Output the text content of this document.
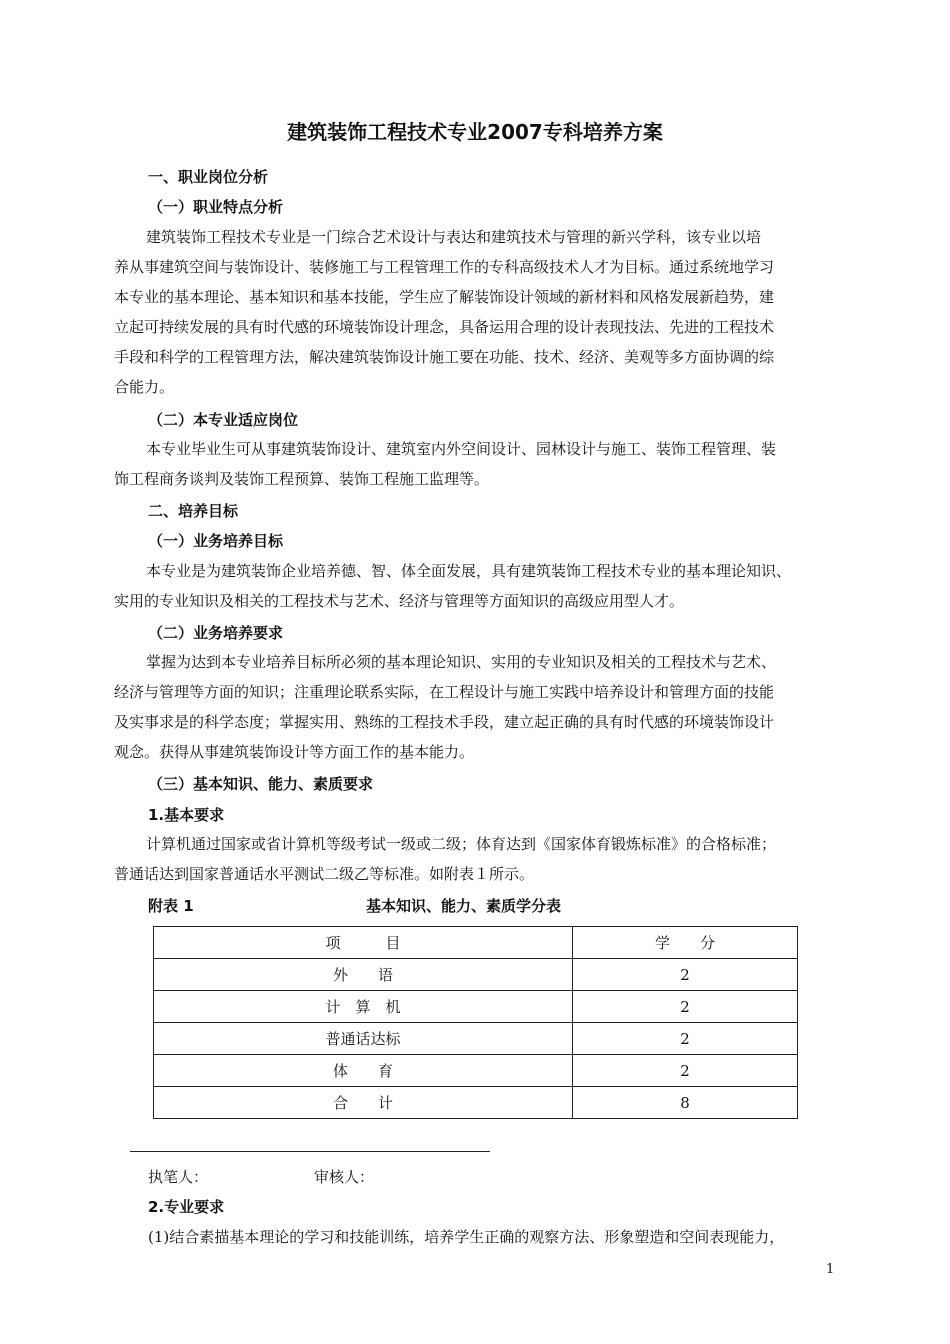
建筑装饰工程技术专业2007专科培养方案
一、职业岗位分析
（一）职业特点分析
建筑装饰工程技术专业是一门综合艺术设计与表达和建筑技术与管理的新兴学科，该专业以培
养从事建筑空间与装饰设计、装修施工与工程管理工作的专科高级技术人才为目标。通过系统地学习
本专业的基本理论、基本知识和基本技能，学生应了解装饰设计领域的新材料和风格发展新趋势，建
立起可持续发展的具有时代感的环境装饰设计理念，具备运用合理的设计表现技法、先进的工程技术
手段和科学的工程管理方法，解决建筑装饰设计施工要在功能、技术、经济、美观等多方面协调的综
合能力。
（二）本专业适应岗位
本专业毕业生可从事建筑装饰设计、建筑室内外空间设计、园林设计与施工、装饰工程管理、装
饰工程商务谈判及装饰工程预算、装饰工程施工监理等。
二、培养目标
（一）业务培养目标
本专业是为建筑装饰企业培养德、智、体全面发展，具有建筑装饰工程技术专业的基本理论知识、
实用的专业知识及相关的工程技术与艺术、经济与管理等方面知识的高级应用型人才。
（二）业务培养要求
掌握为达到本专业培养目标所必须的基本理论知识、实用的专业知识及相关的工程技术与艺术、
经济与管理等方面的知识；注重理论联系实际，在工程设计与施工实践中培养设计和管理方面的技能
及实事求是的科学态度；掌握实用、熟练的工程技术手段，建立起正确的具有时代感的环境装饰设计
观念。获得从事建筑装饰设计等方面工作的基本能力。
（三）基本知识、能力、素质要求
1.基本要求
计算机通过国家或省计算机等级考试一级或二级；体育达到《国家体育锻炼标准》的合格标准；
普通话达到国家普通话水平测试二级乙等标准。如附表１所示。
附表 1	基本知识、能力、素质学分表
项　　　目	学　　分
外　　语	2
计　算　机	2
普通话达标	2
体　　育	2
合　　计	8
执笔人：	审核人：
2.专业要求
(1)结合素描基本理论的学习和技能训练，培养学生正确的观察方法、形象塑造和空间表现能力，
1
